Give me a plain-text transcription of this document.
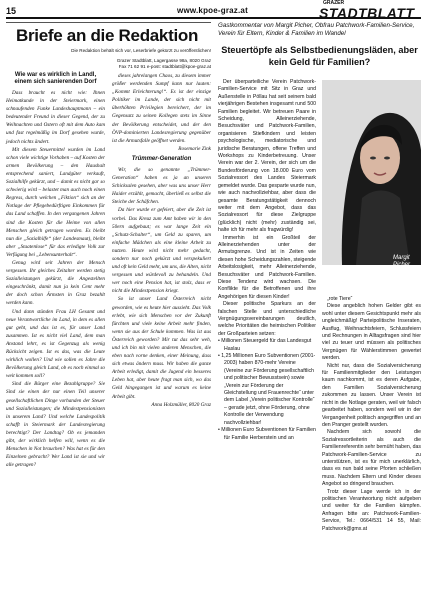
15	www.kpoe-graz.at
GRAZER
STADTBLATT
Briefe an die Redaktion
Die Redaktion behält sich vor, Leserbriefe gekürzt zu veröffentlichen!
Grazer Stadtblatt, Lagergasse 98a, 8020 Graz
Fax 71 62 91 e-post: stadtblatt@kpoe-graz.at
Wie war es wirklich in Landl, einem sich sanierenden Dorf

Dass braucht es nicht wie: Ihnen Heimatkunde in der Steiermark, einen schnaufenden Funke Landeshauptmann – ein bedeutender Freund in dieser Gegend, der zu Weihnachten und Ostern oft mit dem Auto kam und fast regelmäßig im Dorf gesehen wurde, jedoch nichts ändert.

Mit diesem Steuermittel wurden im Land schon viele wichtige Vorhaben – auf Kosten der armen Bevölkerung – den Haushalt entsprechend saniert, Landgüter verkauft, Sozialhilfe gekürzt, und – damit es nicht gar so schwierig wird – belastet man auch noch einen Regress, durch welchen „Fiktion“ sich an der Notlage der Pflegebedürftigen Einkommen für das Land schaffen. In den vergangenen Jahren sind die Kosten für die Heime von allen Menschen gleich getragen worden. Es bleibt nun die „Sozialhilfe“ (der Landesmaut), bleibt aber „Staatenlose“ für das erledigte Volk zur Verfügung bei „Lebensunterhalt“.

Genug wird seit Jahren der Mensch vergessen. Ihr gleiches Zeitalter werden stetig Sozialleistungen gekürzt, die Angestellten eingeschränkt, damit nun ja kein Cent mehr der doch schon Ärmsten in Graz bezahlt werden kann.

Und dann stünden Frau LH Gesamt und neue Verantwortliche im Land, in dem es allen gut geht, und das ist es, für unser Land zusammen. Ist es nicht viel Land, dem man Anstand lehrt, es ist Gegenzug als wenig Rücksicht zeigen. Ist es das, was die Leute wirklich wollen? Und wie sollen es Jahre die Bevölkerung gleich Land, ob es noch einmal so weit kommen soll?

Sind die Bürger eine Bezahlgruppe? Sie Sind sie einen der nur einen Teil unserer gesellschaftlichen Dinge vorhanden der Steuer und Sozialleistungen; die Mindestpensionisten in unserem Land? Und welche Landespolitik schafft in Steiermark der Landesregierung berechtigt? Der Landtag? Ob es jemanden gibt, der wirklich helfen will, wenn es die Menschen in Not brauchen? Was hat es für den Einzelnen gebracht? Wer Land ist sie und wir alle getragen?

dieses jahrelangen Chaos, zu diesem immer größer werdenden Sumpf kann nur lauten: „Kommt Erleichterung!“. Es ist der einzige Politiker im Lande, der sich nicht mit überhöhten Privilegien bereichert, der im Gegensatz zu seinen Kollegen stets im Sinne der Bevölkerung entscheidet, und der den ÖVP-dominierten Landesregierung gegenüber ist die Armutsfalle geöffnet werden.

Rosemarie Zink
Trümmer-Generation

Wir, die so genannte „Trümmer-Generation“ haben es ja an unseren Schicksalen gesehen, aber was uns unser Herr Haider erzählt, gemacht, überließ es selbst die Steiche der Schäfchen.

Da hier wurde er gefeiert, aber die Zeit ist vorbei. Das Kreuz zum Amt haben wir in den 50ern aufgebaut; es war lange Zeit ein „Schutz-Schalter“, um Geld zu sparen, um einfache Mädchen als eine kleine Arbeit zu nutzen. Heute wird nicht mehr gedacht, sondern nur noch gekürzt und verspekuliert und oft kein Geld mehr, um uns, die Alten, nicht vergessen und würdevoll zu behandeln. Und wer noch eine Pension hat, ist stolz, dass er nicht die Mindestpension kriegt.

So ist unser Land Österreich nicht geworden, wie es heute hier aussieht. Das Volk erlebt, wie sich Menschen vor der Zukunft fürchten und viele keine Arbeit mehr finden, wenn sie aus der Schule kommen. Was ist aus Österreich geworden? Mir tut das sehr weh, und ich bin mit vielen anderen Menschen, die eben nach vorne denken, einer Meinung, dass sich etwas ändern muss. Wir haben die ganze Arbeit erledigt, damit die Jugend ein besseres Leben hat, aber heute fragt man sich, wo das Geld hingegangen ist und warum es keine Arbeit gibt.

Anna Holzmüller, 8020 Graz
Gastkommentar von Margit Picher, Obfrau Patchwork-Familien-Service, Verein für Eltern, Kinder & Familien im Wandel
Steuertöpfe als Selbstbedienungsläden, aber kein Geld für Familien?

Der überparteiliche Verein Patchwork-Familien-Service mit Sitz in Graz und Außenstelle in Pöllau hat seit seinem bald vierjährigen Bestehen insgesamt rund 500 Familien begleitet. Wir betreuen Paare in Scheidung, Alleinerziehende, Besuchsväter und Patchwork-Familien, organisieren Stiefkindern und leisten psychologische, mediatorische und juridische Beratungen, offene Treffen und Workshops zu Kinderbetreuung. Unser Verein war der 2. Verein, der sich um die Bundesförderung von 18.000 Euro vom Sozialressort des Landes Steiermark gemeldet wurde. Das gesparte wurde nun, wie auch nachvollziehbar, aber dass die gesamte Beratungstätigkeit dennoch weiter mit dem Angebot, dass das Sozialressort für diese Zielgruppe (glücklich) nicht (mehr) zuständig sei, halte ich für mehr als fragwürdig!

Immerhin ist ein Großteil der Alleinerziehenden unter der Armutsgrenze. Und ist in Zeiten wie diesen hohe Scheidungszahlen, steigende Arbeitslosigkeit, mehr Alleinerziehende, Besuchsväter und Patchwork-Familien. Diese Tendenz wird wachsen. Die Konflikte für die Betroffenen und ihre Angehörigen für diesen Kinder!

Dieser politische Sparkurs an der falschen Stelle und unterschiedliche Vergnügungsvereinbarungen deutlich, welche Prioritäten die heimischen Politiker der Großparteien setzen:

• Millionen Steuergeld für das Landesgut Haslau

• 1,25 Millionen Euro Subventionen (2001-2003) haben 870-mehr Vereine (Vereine zur Förderung gesellschaftlich und politischer Bewusstsein) sowie „Verein zur Förderung der Gleichstellung und Frauenrechte“ unter dem Label „Verein politischer Kontrolle“ – gerade jetzt, ohne Förderung, ohne Kontrolle der Verwendung nachvollziehbar!

• Millionen Euro Subventionen für Familien für Familie Herberstein und an

„rote Tiere“

Diese angeblich hohen Gelder gibt es wohl unter diesem Gesichtspunkt mehr als ungleichmäßig! Parteipolitische Inseraten, Ausflug, Weihnachtsfeiern, Schlussfeiern und Rechnungen in Alltagsfragen sind hier viel zu teuer und müssen als politisches Vergnügen für Wählerstimmen gewertet werden.

Nicht nur, dass die Sozialversicherung für Familienmitglieder den Leistungen kaum nachkommt, ist es deren Aufgabe, den Familien Sozialversicherung zukommen zu lassen. Unser Verein ist nicht in die Notlage geraten, weil wir falsch gearbeitet haben, sondern weil wir in der Vergangenheit politisch angegriffen und an den Pranger gestellt wurden.

Nachdem sich sowohl die Sozialressortleiterin als auch die Familienreferentin sehr bemüht haben, das Patchwork-Familien-Service zu unterstützen, ist es für mich unerklärlich, dass es nun bald seine Pforten schließen muss. Nachdem Eltern und Kinder dieses Angebot so dringend brauchen.

Trotz dieser Lage werde ich in der politischen Verantwortung nicht aufgeben und weiter für die Familien kämpfen. Anfragen bitte an: Patchwork-Familien-Service, Tel.: 0664/531 14 55, Mail: Patchwork@gmx.at

Margit
Picher
